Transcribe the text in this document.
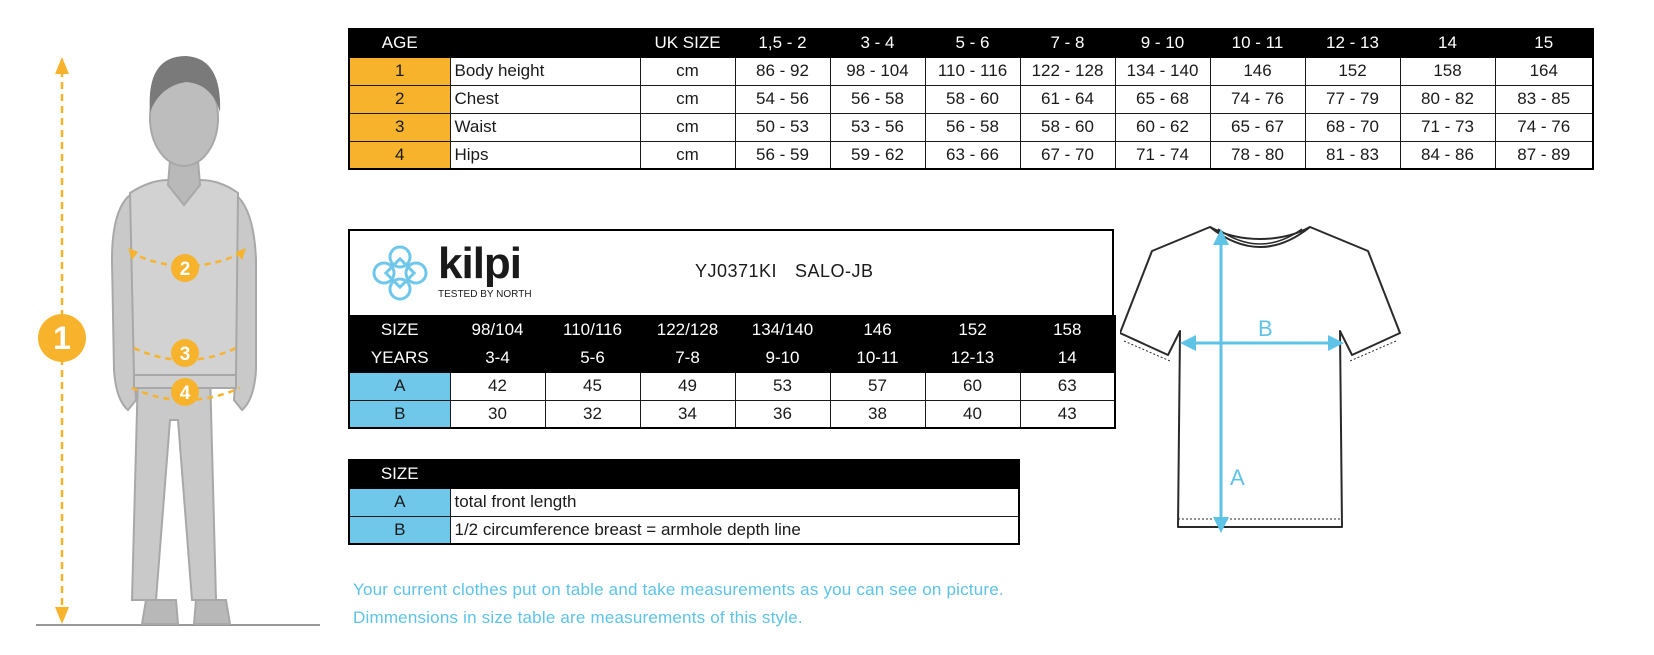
1
2
3
4
AGE		UK SIZE	1,5 - 2	3 - 4	5 - 6	7 - 8	9 - 10	10 - 11	12 - 13	14	15
1	Body height	cm	86 - 92	98 - 104	110 - 116	122 - 128	134 - 140	146	152	158	164
2	Chest	cm	54 - 56	56 - 58	58 - 60	61 - 64	65 - 68	74 - 76	77 - 79	80 - 82	83 - 85
3	Waist	cm	50 - 53	53 - 56	56 - 58	58 - 60	60 - 62	65 - 67	68 - 70	71 - 73	74 - 76
4	Hips	cm	56 - 59	59 - 62	63 - 66	67 - 70	71 - 74	78 - 80	81 - 83	84 - 86	87 - 89
kilpi
TESTED BY NORTH
YJ0371KI SALO-JB
SIZE	98/104	110/116	122/128	134/140	146	152	158
YEARS	3-4	5-6	7-8	9-10	10-11	12-13	14
A	42	45	49	53	57	60	63
B	30	32	34	36	38	40	43
SIZE	
A	total front length
B	1/2 circumference breast = armhole depth line
Your current clothes put on table and take measurements as you can see on picture.
Dimmensions in size table are measurements of this style.
B
A
